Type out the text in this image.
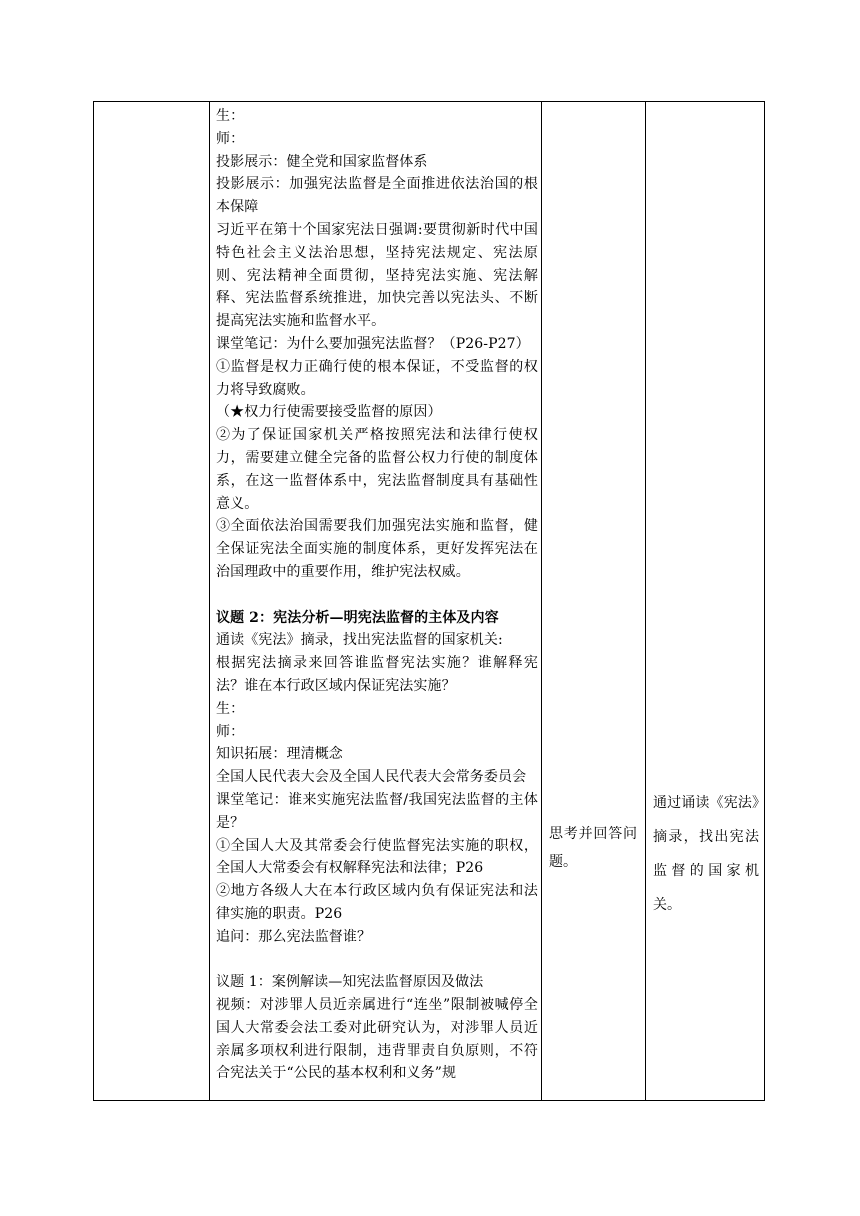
生：

师：

投影展示：健全党和国家监督体系

投影展示：加强宪法监督是全面推进依法治国的根本保障

习近平在第十个国家宪法日强调:要贯彻新时代中国特色社会主义法治思想，坚持宪法规定、宪法原则、宪法精神全面贯彻，坚持宪法实施、宪法解释、宪法监督系统推进，加快完善以宪法头、不断提高宪法实施和监督水平。

课堂笔记：为什么要加强宪法监督？（P26-P27）

①监督是权力正确行使的根本保证，不受监督的权力将导致腐败。

（★权力行使需要接受监督的原因）

②为了保证国家机关严格按照宪法和法律行使权力，需要建立健全完备的监督公权力行使的制度体系，在这一监督体系中，宪法监督制度具有基础性意义。

③全面依法治国需要我们加强宪法实施和监督，健全保证宪法全面实施的制度体系，更好发挥宪法在治国理政中的重要作用，维护宪法权威。

议题 2：宪法分析—明宪法监督的主体及内容

通读《宪法》摘录，找出宪法监督的国家机关:

根据宪法摘录来回答谁监督宪法实施？谁解释宪法？谁在本行政区域内保证宪法实施？

生：

师：

知识拓展：理清概念

全国人民代表大会及全国人民代表大会常务委员会

课堂笔记：谁来实施宪法监督/我国宪法监督的主体是？

①全国人大及其常委会行使监督宪法实施的职权，全国人大常委会有权解释宪法和法律；P26

②地方各级人大在本行政区域内负有保证宪法和法律实施的职责。P26

追问：那么宪法监督谁？

议题 1：案例解读—知宪法监督原因及做法

视频：对涉罪人员近亲属进行“连坐”限制被喊停全国人大常委会法工委对此研究认为，对涉罪人员近亲属多项权利进行限制，违背罪责自负原则，不符合宪法关于“公民的基本权利和义务”规

思考并回答问题。

通过诵读《宪法》摘录，找出宪法监督的国家机关。
